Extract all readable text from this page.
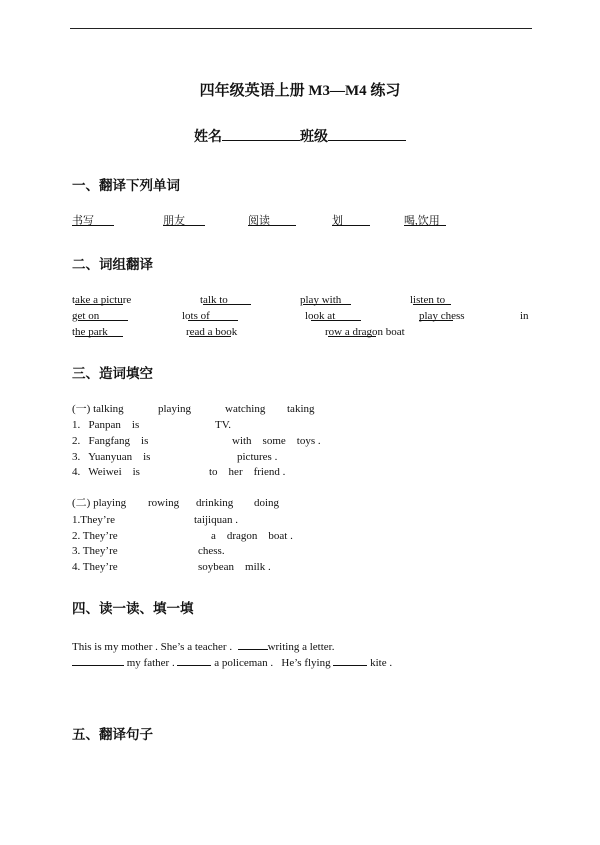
四年级英语上册 M3—M4 练习
姓名	班级
一、翻译下列单词
书写	朋友	阅读	划	喝,饮用
二、词组翻译
take a picture
	talk to
	play with
	listen to

get on
	lots of
	look at
	play chess	in
the park
	read a book
	row a dragon boat

三、造词填空
(一) talking	playing	watching taking
1.   Panpan    is	TV.
2.   Fangfang    is	with    some    toys .
3.   Yuanyuan    is	pictures .
4.   Weiwei    is	to    her    friend .
(二) playing rowing drinking doing
1.They’re	taijiquan .
2. They’re	a    dragon    boat .
3. They’re	chess.
4. They’re	soybean    milk .
四、读一读、填一填
This is my mother . She’s a teacher .	writing a letter.
my father .	a policeman .   He’s flying	kite .
五、翻译句子
